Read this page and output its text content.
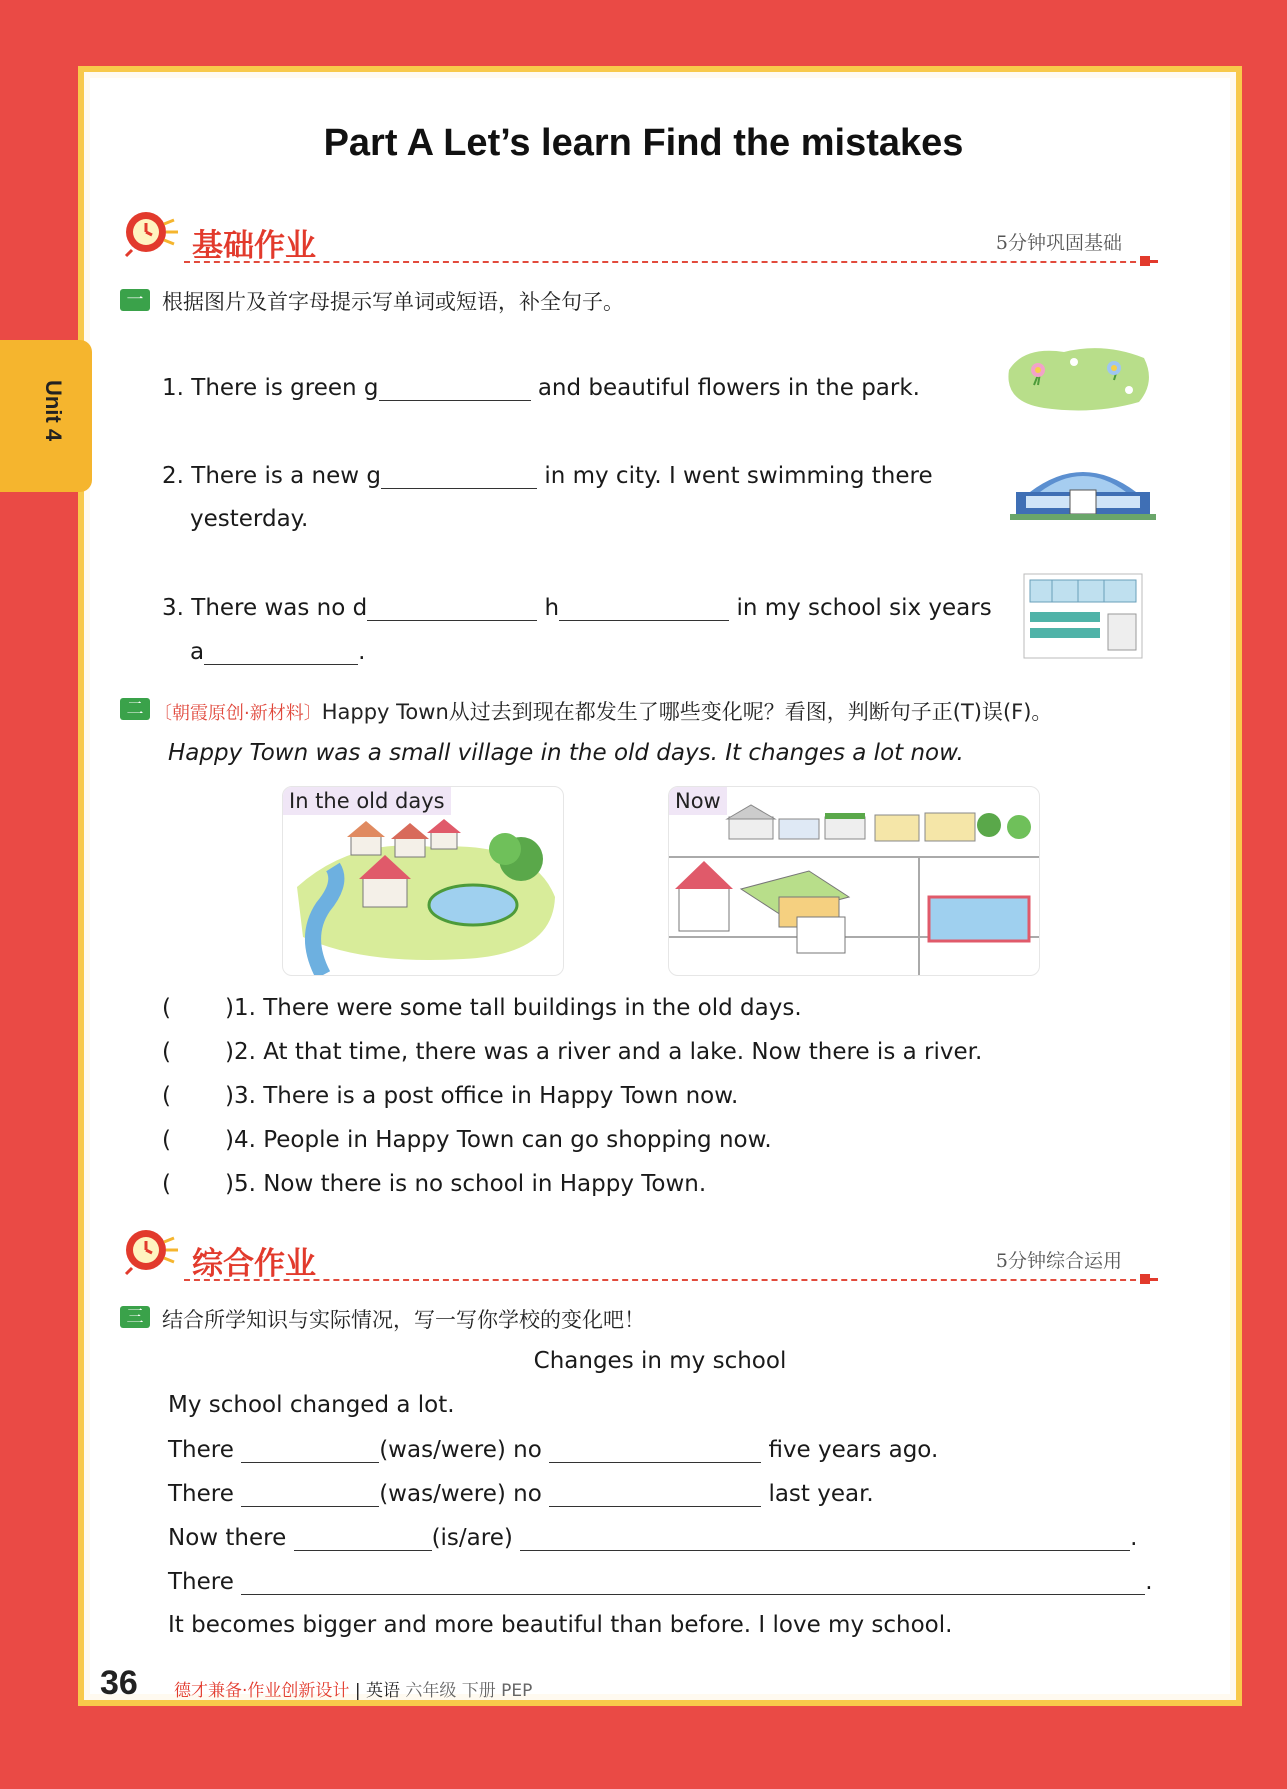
Unit 4
Part A Let’s learn Find the mistakes
基础作业	5分钟巩固基础
一 根据图片及首字母提示写单词或短语，补全句子。
1. There is green g	and beautiful flowers in the park.
2. There is a new g	in my city. I went swimming there
yesterday.
3. There was no d	h	in my school six years
a	.
二 〔朝霞原创·新材料〕Happy Town从过去到现在都发生了哪些变化呢？看图，判断句子正(T)误(F)。
Happy Town was a small village in the old days. It changes a lot now.
In the old days	Now
( )1. There were some tall buildings in the old days.
( )2. At that time, there was a river and a lake. Now there is a river.
( )3. There is a post office in Happy Town now.
( )4. People in Happy Town can go shopping now.
( )5. Now there is no school in Happy Town.
综合作业	5分钟综合运用
三 结合所学知识与实际情况，写一写你学校的变化吧！
Changes in my school
My school changed a lot.
There	(was/were) no	five years ago.
There	(was/were) no	last year.
Now there	(is/are)	.
There	.
It becomes bigger and more beautiful than before. I love my school.
36 德才兼备·作业创新设计 | 英语 六年级 下册 PEP
